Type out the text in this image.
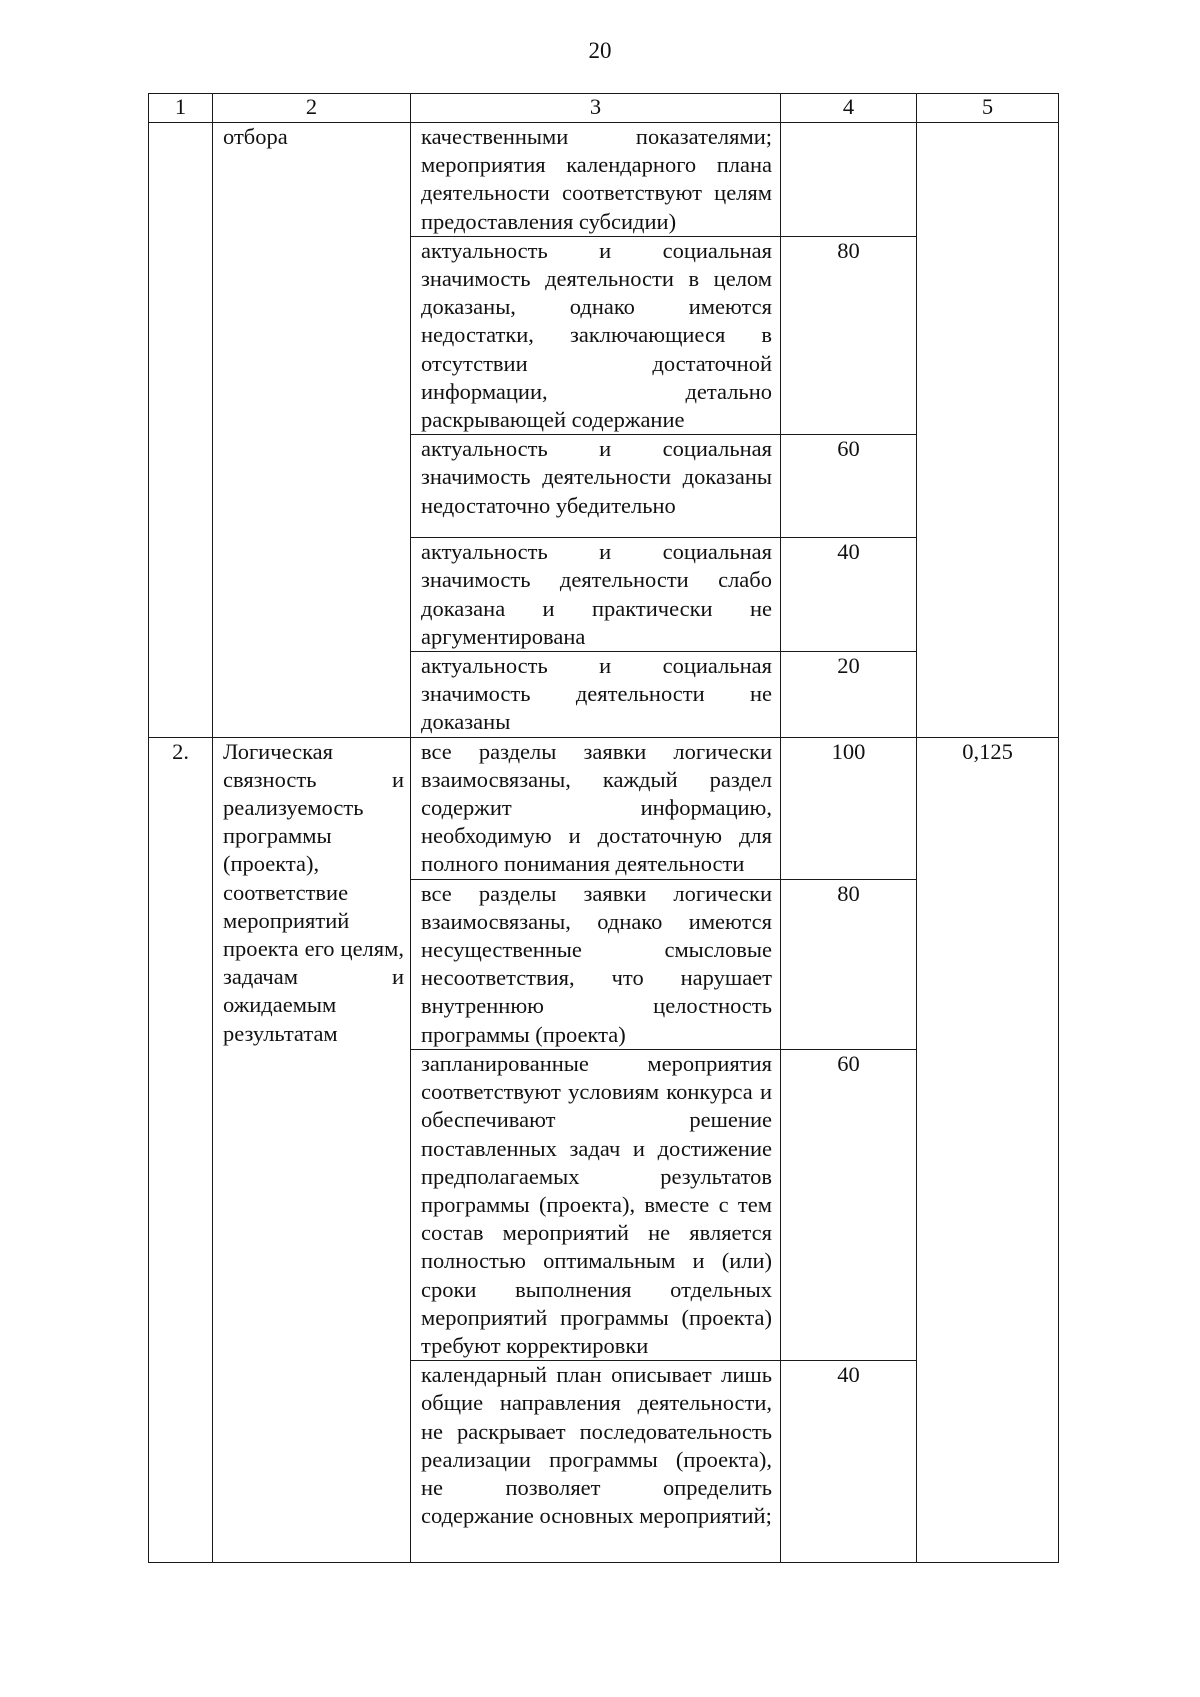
20
1	2	3	4	5
	отбора	качественными показателями; мероприятия календарного плана деятельности соответствуют целям предоставления субсидии)		
		актуальность и социальная значимость деятельности в целом доказаны, однако имеются недостатки, заключающиеся в отсутствии достаточной информации, детально раскрывающей содержание	80	
		актуальность и социальная значимость деятельности доказаны недостаточно убедительно	60	
		актуальность и социальная значимость деятельности слабо доказана и практически не аргументирована	40	
		актуальность и социальная значимость деятельности не доказаны	20	
2.	Логическая связность и реализуемость программы (проекта), соответствие мероприятий проекта его целям, задачам и ожидаемым результатам	все разделы заявки логически взаимосвязаны, каждый раздел содержит информацию, необходимую и достаточную для полного понимания деятельности	100	0,125
		все разделы заявки логически взаимосвязаны, однако имеются несущественные смысловые несоответствия, что нарушает внутреннюю целостность программы (проекта)	80	
		запланированные мероприятия соответствуют условиям конкурса и обеспечивают решение поставленных задач и достижение предполагаемых результатов программы (проекта), вместе с тем состав мероприятий не является полностью оптимальным и (или) сроки выполнения отдельных мероприятий программы (проекта) требуют корректировки	60	
		календарный план описывает лишь общие направления деятельности, не раскрывает последовательность реализации программы (проекта), не позволяет определить содержание основных мероприятий;	40	
